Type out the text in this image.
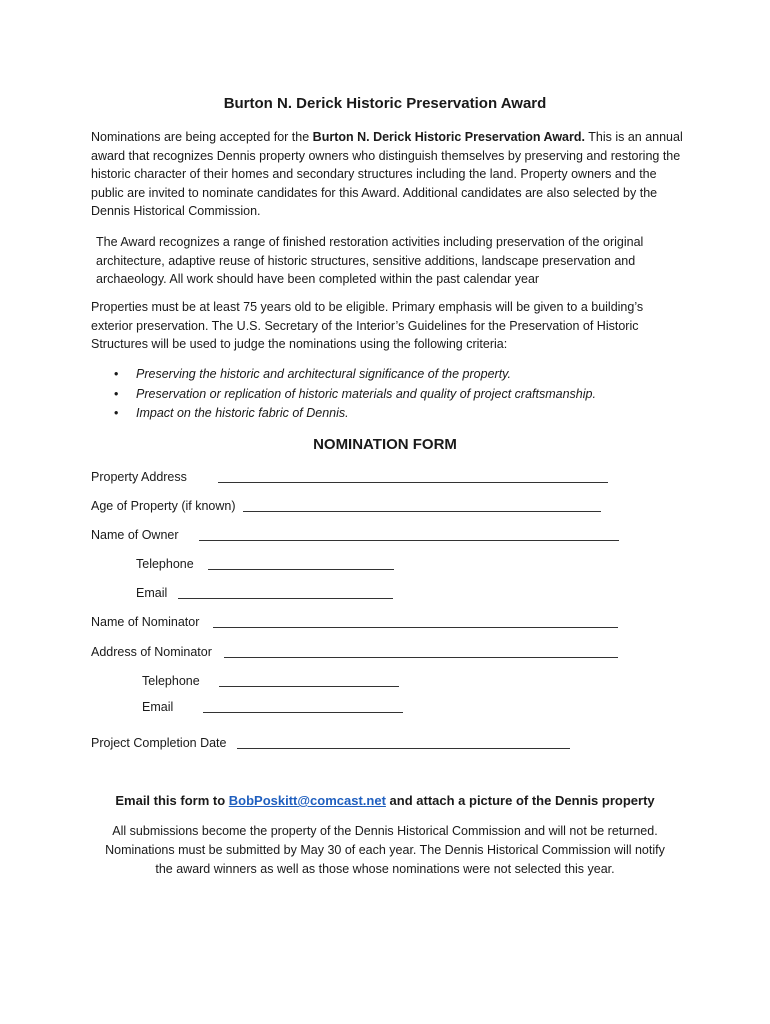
Burton N. Derick Historic Preservation Award
Nominations are being accepted for the Burton N. Derick Historic Preservation Award. This is an annual award that recognizes Dennis property owners who distinguish themselves by preserving and restoring the historic character of their homes and secondary structures including the land. Property owners and the public are invited to nominate candidates for this Award. Additional candidates are also selected by the Dennis Historical Commission.
The Award recognizes a range of finished restoration activities including preservation of the original architecture, adaptive reuse of historic structures, sensitive additions, landscape preservation and archaeology. All work should have been completed within the past calendar year
Properties must be at least 75 years old to be eligible. Primary emphasis will be given to a building’s exterior preservation. The U.S. Secretary of the Interior’s Guidelines for the Preservation of Historic Structures will be used to judge the nominations using the following criteria:
• Preserving the historic and architectural significance of the property.
• Preservation or replication of historic materials and quality of project craftsmanship.
• Impact on the historic fabric of Dennis.
NOMINATION FORM
Property Address
Age of Property (if known)
Name of Owner
Telephone
Email
Name of Nominator
Address of Nominator
Telephone
Email
Project Completion Date
Email this form to BobPoskitt@comcast.net and attach a picture of the Dennis property
All submissions become the property of the Dennis Historical Commission and will not be returned.
Nominations must be submitted by May 30 of each year. The Dennis Historical Commission will notify
the award winners as well as those whose nominations were not selected this year.
